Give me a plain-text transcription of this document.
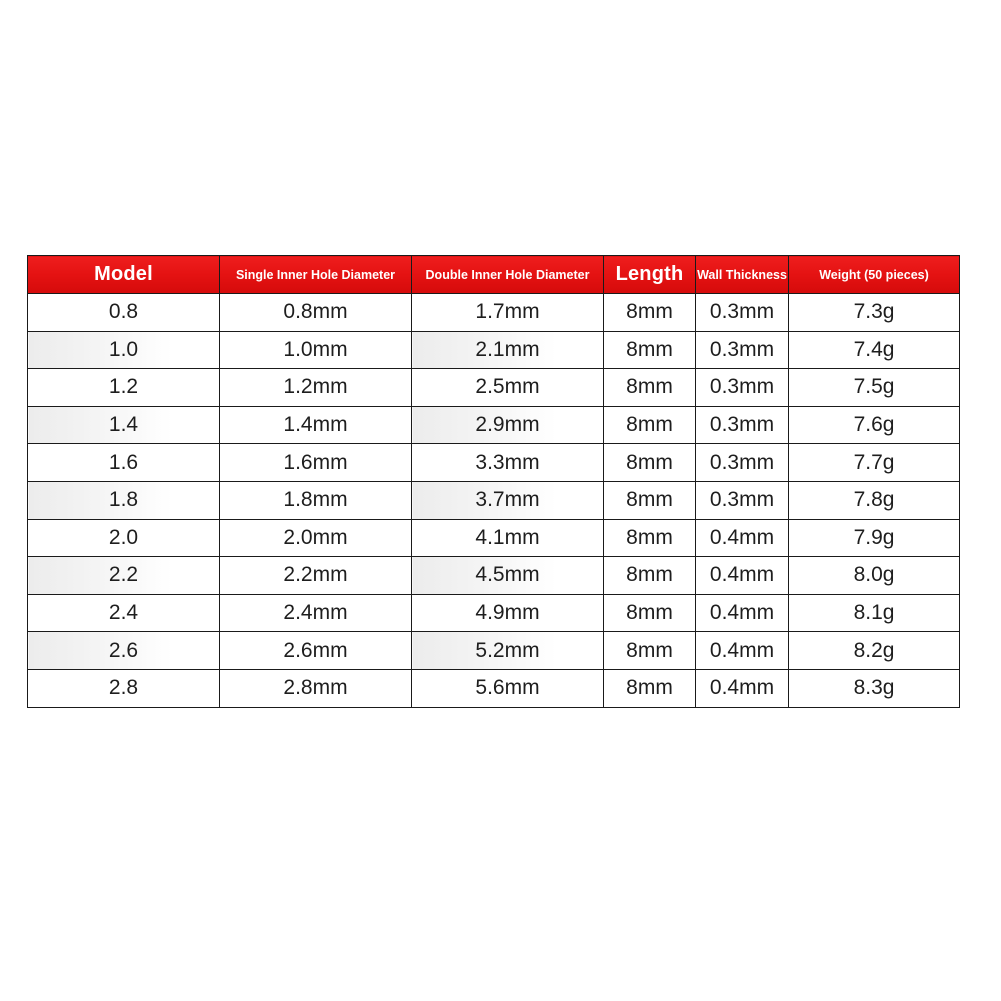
Model	Single Inner Hole Diameter	Double Inner Hole Diameter	Length	Wall Thickness	Weight (50 pieces)
0.8	0.8mm	1.7mm	8mm	0.3mm	7.3g
1.0	1.0mm	2.1mm	8mm	0.3mm	7.4g
1.2	1.2mm	2.5mm	8mm	0.3mm	7.5g
1.4	1.4mm	2.9mm	8mm	0.3mm	7.6g
1.6	1.6mm	3.3mm	8mm	0.3mm	7.7g
1.8	1.8mm	3.7mm	8mm	0.3mm	7.8g
2.0	2.0mm	4.1mm	8mm	0.4mm	7.9g
2.2	2.2mm	4.5mm	8mm	0.4mm	8.0g
2.4	2.4mm	4.9mm	8mm	0.4mm	8.1g
2.6	2.6mm	5.2mm	8mm	0.4mm	8.2g
2.8	2.8mm	5.6mm	8mm	0.4mm	8.3g
